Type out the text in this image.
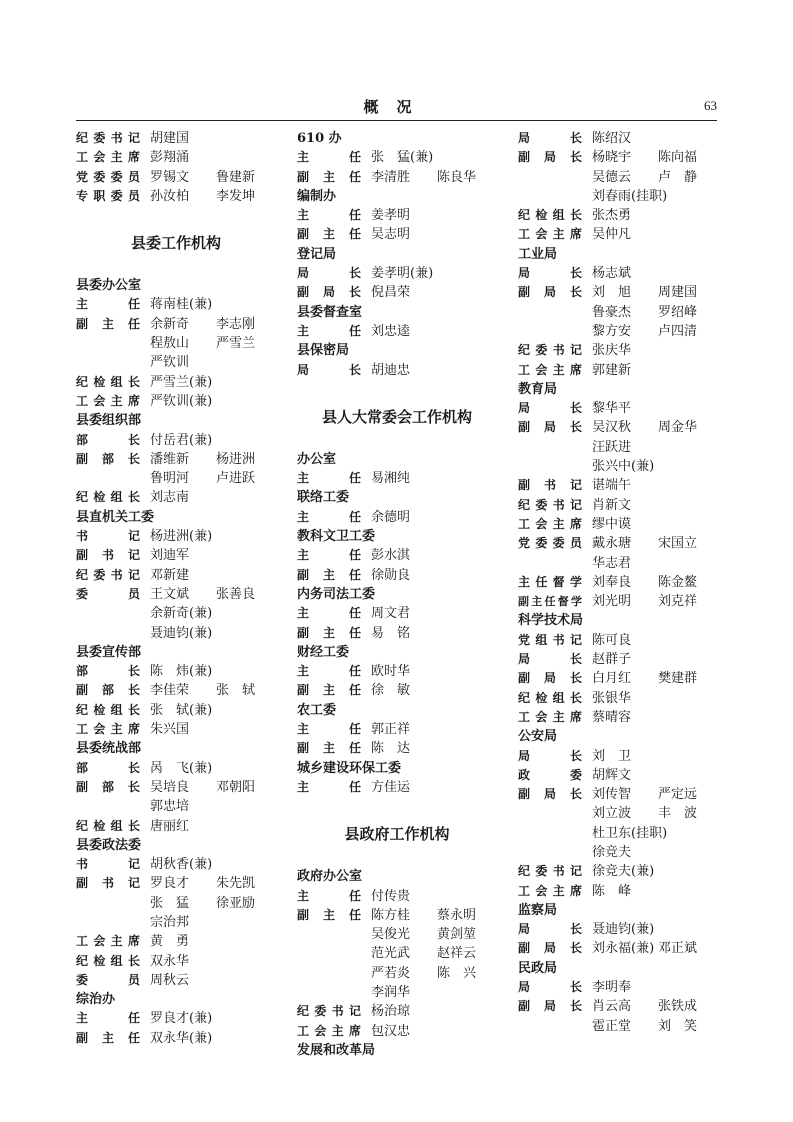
概况	63
纪委书记 胡建国
工会主席 彭翔涌
党委委员 罗锡文 鲁建新
专职委员 孙汝柏 李发坤
县委工作机构
县委办公室
主　任 蒋南桂(兼)
副主任 余新奇 李志刚
程敖山 严雪兰
严钦训
纪检组长 严雪兰(兼)
工会主席 严钦训(兼)
县委组织部
部　长 付岳君(兼)
副部长 潘维新 杨进洲
鲁明河 卢进跃
纪检组长 刘志南
县直机关工委
书　记 杨进洲(兼)
副书记 刘迪军
纪委书记 邓新建
委　员 王文斌 张善良
余新奇(兼)
聂迪钧(兼)
县委宣传部
部　长 陈　炜(兼)
副部长 李佳荣 张　轼
纪检组长 张　轼(兼)
工会主席 朱兴国
县委统战部
部　长 呙　飞(兼)
副部长 吴培良 邓朝阳
郭忠培
纪检组长 唐丽红
县委政法委
书　记 胡秋香(兼)
副书记 罗良才 朱先凯
张　猛 徐亚励
宗治邦
工会主席 黄　勇
纪检组长 双永华
委　员 周秋云
综治办
主　任 罗良才(兼)
副主任 双永华(兼)
610 办
主　任 张　猛(兼)
副主任 李清胜 陈良华
编制办
主　任 姜孝明
副主任 吴志明
登记局
局　长 姜孝明(兼)
副局长 倪昌荣
县委督查室
主　任 刘忠逵
县保密局
局　长 胡迪忠
县人大常委会工作机构
办公室
主　任 易湘纯
联络工委
主　任 余德明
教科文卫工委
主　任 彭水淇
副主任 徐勋良
内务司法工委
主　任 周文君
副主任 易　铭
财经工委
主　任 欧时华
副主任 徐　敏
农工委
主　任 郭正祥
副主任 陈　达
城乡建设环保工委
主　任 方佳运
县政府工作机构
政府办公室
主　任 付传贵
副主任 陈方桂 蔡永明
吴俊光 黄剑堃
范光武 赵祥云
严若炎 陈　兴
李润华
纪委书记 杨治琼
工会主席 包汉忠
发展和改革局
局　长 陈绍汉
副局长 杨晓宇 陈向福
吴德云 卢　静
刘春雨(挂职)
纪检组长 张杰勇
工会主席 吴仲凡
工业局
局　长 杨志斌
副局长 刘　旭 周建国
鲁豪杰 罗绍峰
黎方安 卢四清
纪委书记 张庆华
工会主席 郭建新
教育局
局　长 黎华平
副局长 吴汉秋 周金华
汪跃进
张兴中(兼)
副书记 谌端午
纪委书记 肖新文
工会主席 缪中谟
党委委员 戴永瑭 宋国立
华志君
主任督学 刘奉良 陈金鳌
副主任督学 刘光明 刘克祥
科学技术局
党组书记 陈可良
局　长 赵群子
副局长 白月红 樊建群
纪检组长 张银华
工会主席 蔡晴容
公安局
局　长 刘　卫
政　委 胡辉文
副局长 刘传智 严定远
刘立波 丰　波
杜卫东(挂职)
徐竞夫
纪委书记 徐竞夫(兼)
工会主席 陈　峰
监察局
局　长 聂迪钧(兼)
副局长 刘永福(兼) 邓正斌
民政局
局　长 李明奉
副局长 肖云高 张铁成
雹正堂 刘　笑
